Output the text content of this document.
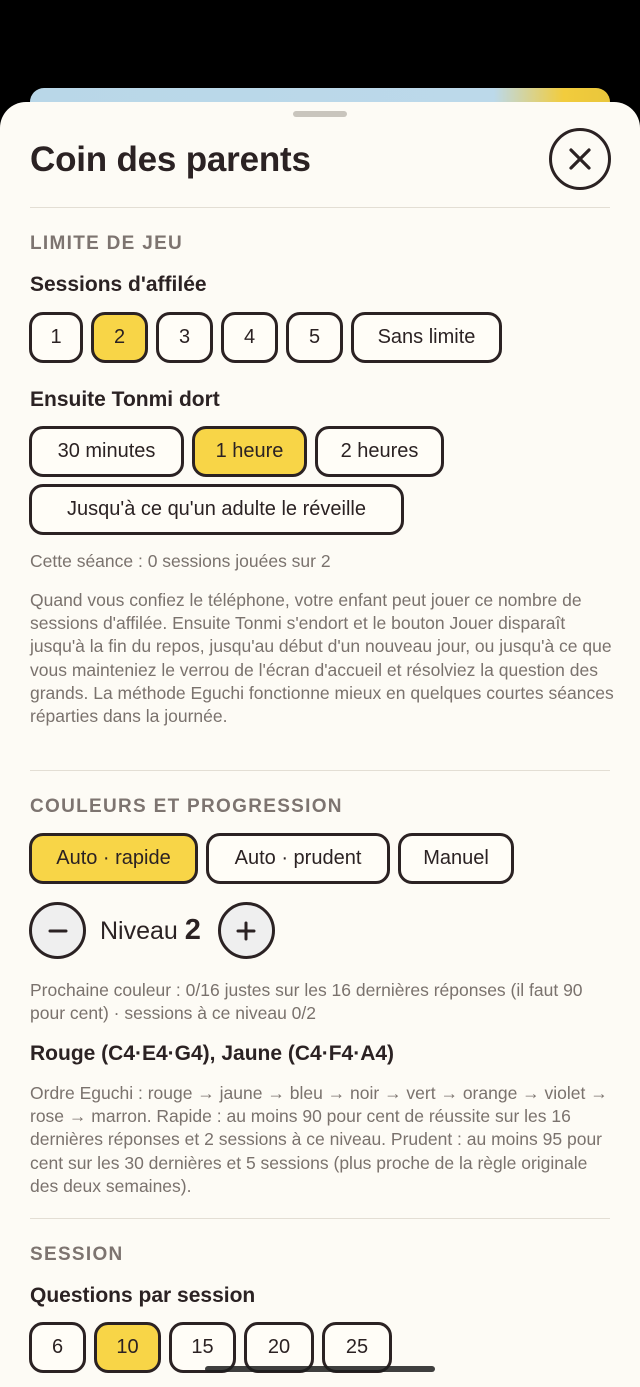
Coin des parents
LIMITE DE JEU
Sessions d'affilée
1	2	3	4	5	Sans limite
Ensuite Tonmi dort
30 minutes	1 heure	2 heures
Jusqu'à ce qu'un adulte le réveille
Cette séance : 0 sessions jouées sur 2
Quand vous confiez le téléphone, votre enfant peut jouer ce nombre de sessions d'affilée. Ensuite Tonmi s'endort et le bouton Jouer disparaît jusqu'à la fin du repos, jusqu'au début d'un nouveau jour, ou jusqu'à ce que vous mainteniez le verrou de l'écran d'accueil et résolviez la question des grands. La méthode Eguchi fonctionne mieux en quelques courtes séances réparties dans la journée.
COULEURS ET PROGRESSION
Auto · rapide	Auto · prudent	Manuel
Niveau 2
Prochaine couleur : 0/16 justes sur les 16 dernières réponses (il faut 90 pour cent) · sessions à ce niveau 0/2
Rouge (C4·E4·G4), Jaune (C4·F4·A4)
Ordre Eguchi : rouge → jaune → bleu → noir → vert → orange → violet → rose → marron. Rapide : au moins 90 pour cent de réussite sur les 16 dernières réponses et 2 sessions à ce niveau. Prudent : au moins 95 pour cent sur les 30 dernières et 5 sessions (plus proche de la règle originale des deux semaines).
SESSION
Questions par session
6	10	15	20	25
